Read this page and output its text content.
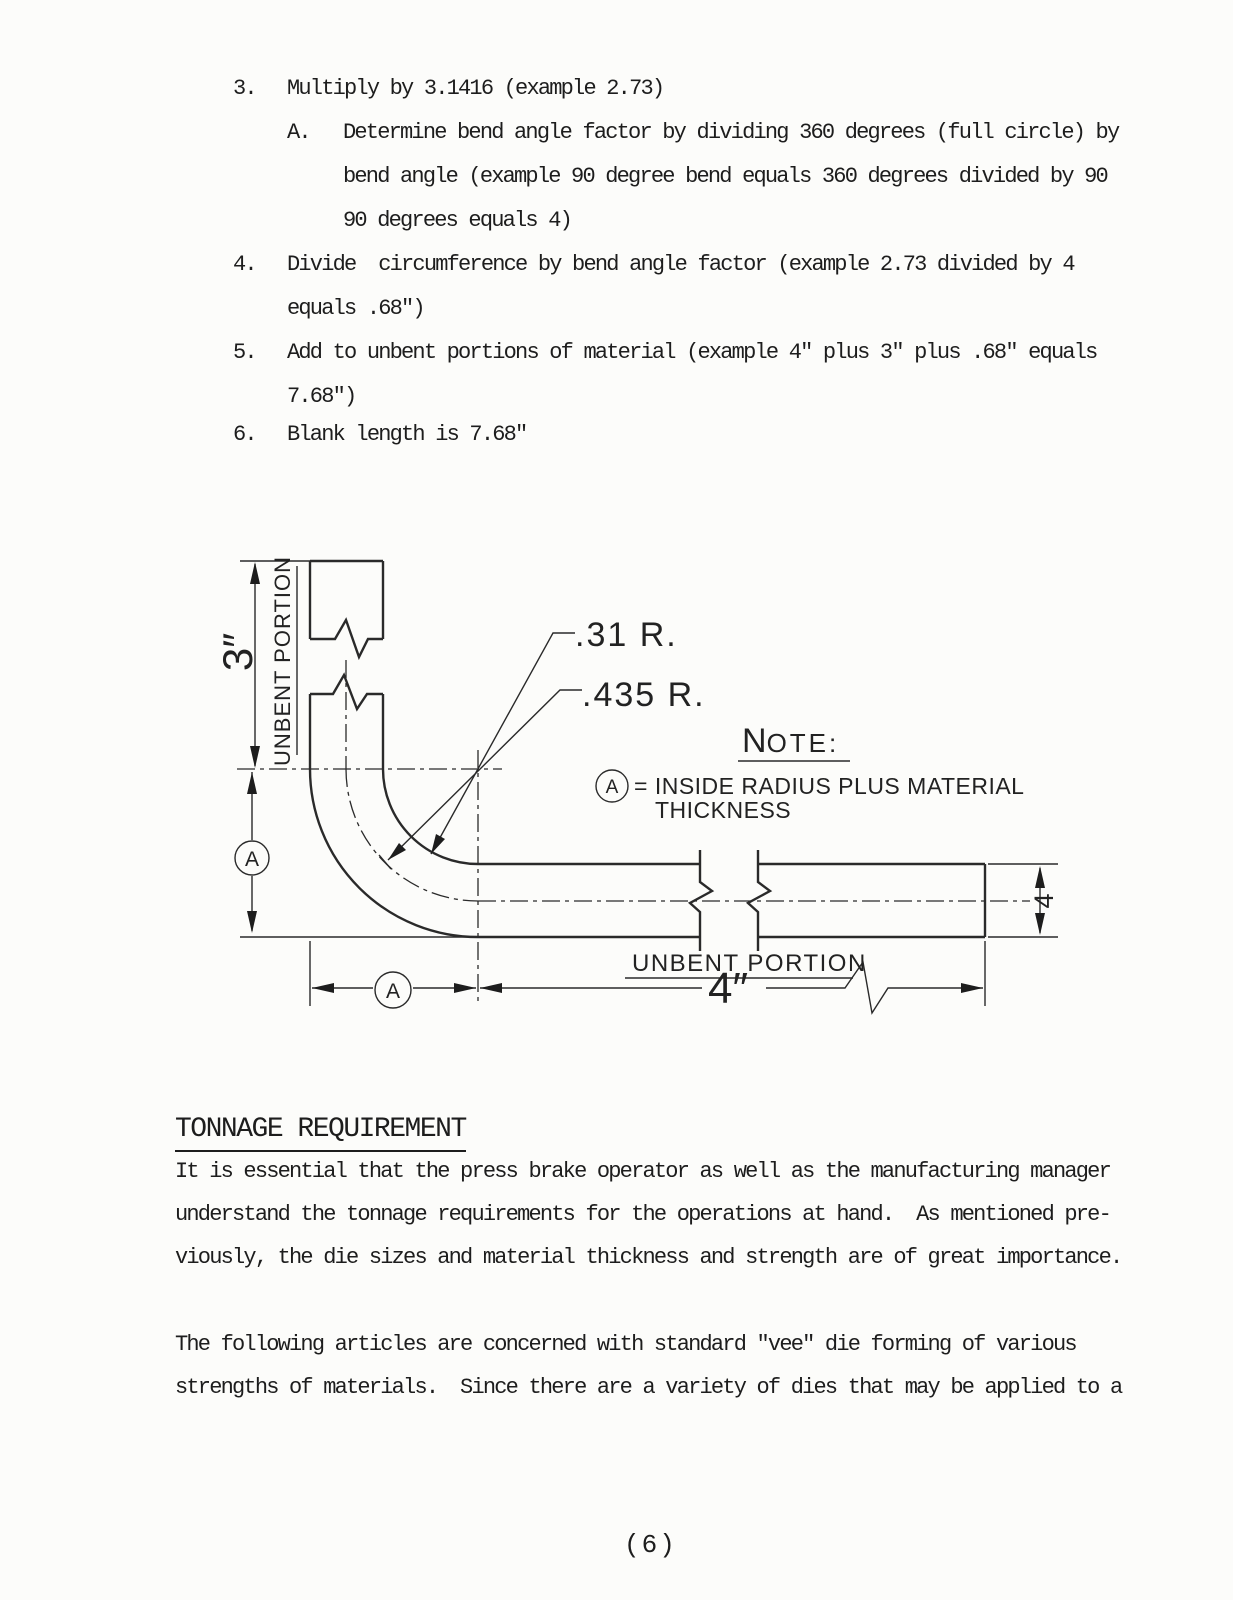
3. Multiply by 3.1416 (example 2.73)
A. Determine bend angle factor by dividing 360 degrees (full circle) by
bend angle (example 90 degree bend equals 360 degrees divided by 90
90 degrees equals 4)
4. Divide  circumference by bend angle factor (example 2.73 divided by 4
equals .68")
5. Add to unbent portions of material (example 4" plus 3" plus .68" equals
7.68")
6. Blank length is 7.68"
A
A
A
.31 R.
.435 R.
NOTE:
= INSIDE RADIUS PLUS MATERIAL
THICKNESS
3″ UNBENT PORTION
UNBENT PORTION
4″
4
TONNAGE REQUIREMENT
It is essential that the press brake operator as well as the manufacturing manager
understand the tonnage requirements for the operations at hand.  As mentioned pre-
viously, the die sizes and material thickness and strength are of great importance.
The following articles are concerned with standard "vee" die forming of various
strengths of materials.  Since there are a variety of dies that may be applied to a
(6)
